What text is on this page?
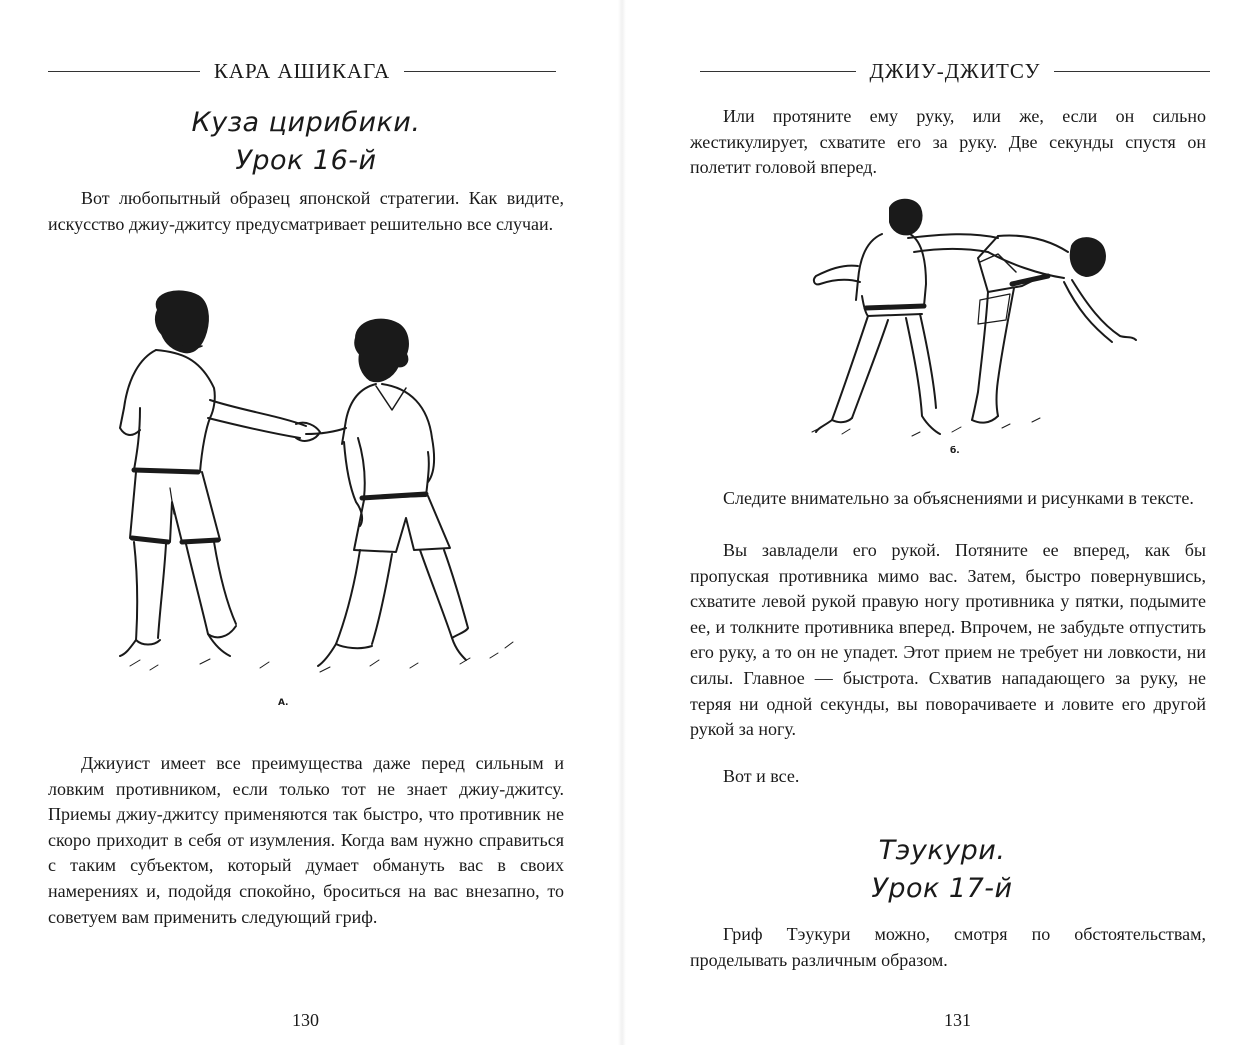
КАРА АШИКАГА
Куза цирибики.
Урок 16-й

Вот любопытный образец японской стратегии. Как видите, искусство джиу-джитсу предусматривает решительно все случаи.

А.

Джиуист имеет все преимущества даже перед сильным и ловким противником, если только тот не знает джиу-джитсу. Приемы джиу-джитсу применяются так быстро, что противник не скоро приходит в себя от изумления. Когда вам нужно справиться с таким субъектом, который думает обмануть вас в своих намерениях и, подойдя спокойно, броситься на вас внезапно, то советуем вам применить следующий гриф.

130
ДЖИУ-ДЖИТСУ

Или протяните ему руку, или же, если он сильно жестикулирует, схватите его за руку. Две секунды спустя он полетит головой вперед.

б.

Следите внимательно за объяснениями и рисунками в тексте.

Вы завладели его рукой. Потяните ее вперед, как бы пропуская противника мимо вас. Затем, быстро повернувшись, схватите левой рукой правую ногу противника у пятки, подымите ее, и толкните противника вперед. Впрочем, не забудьте отпустить его руку, а то он не упадет. Этот прием не требует ни ловкости, ни силы. Главное — быстрота. Схватив нападающего за руку, не теряя ни одной секунды, вы поворачиваете и ловите его другой рукой за ногу.

Вот и все.

Тэукури.
Урок 17-й

Гриф Тэукури можно, смотря по обстоятельствам, проделывать различным образом.

131
